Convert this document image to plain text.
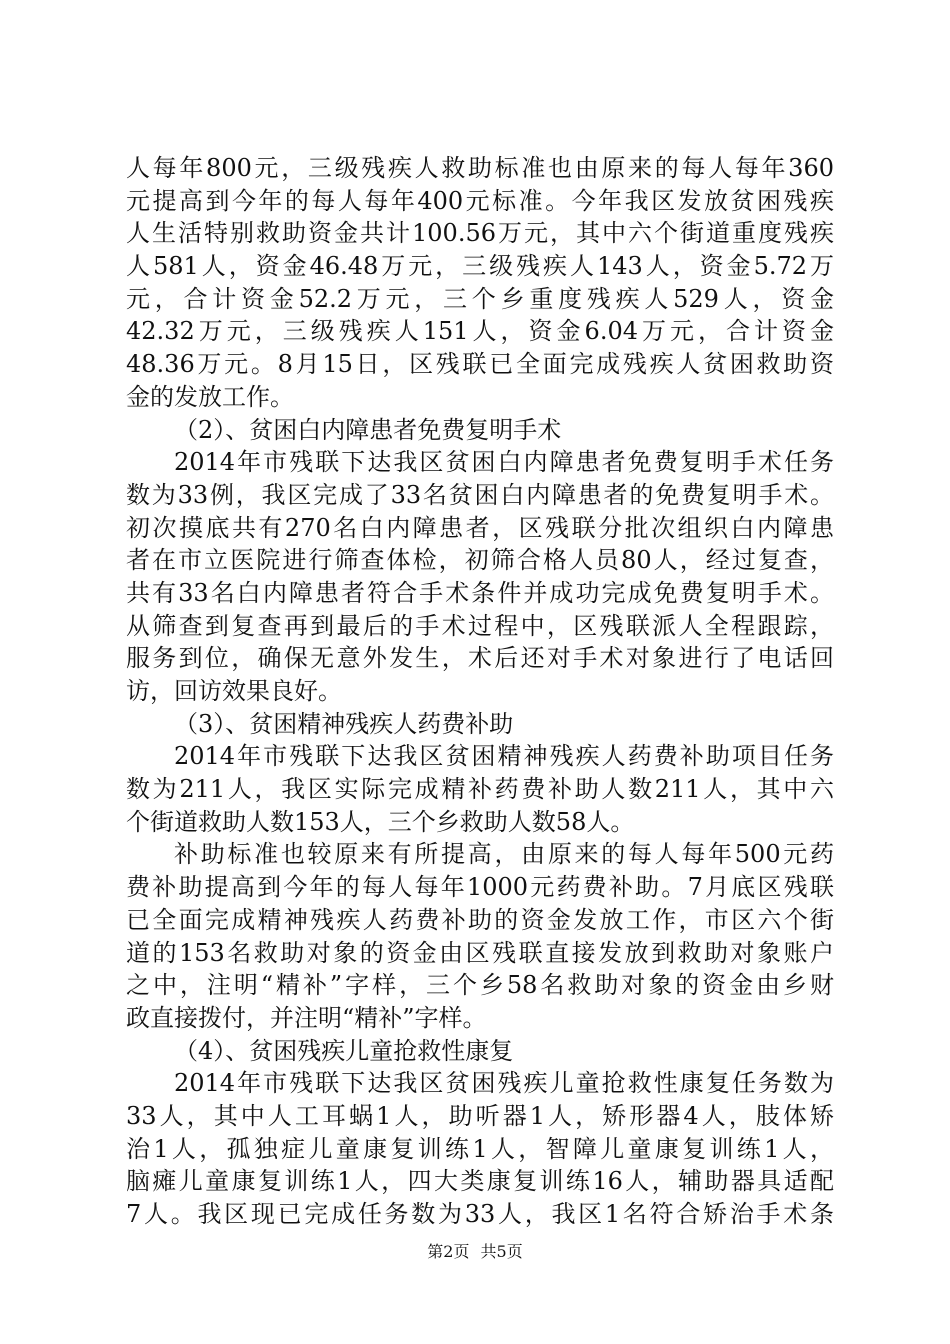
人每年800元，三级残疾人救助标准也由原来的每人每年360
元提高到今年的每人每年400元标准。今年我区发放贫困残疾
人生活特别救助资金共计100.56万元，其中六个街道重度残疾
人581人，资金46.48万元，三级残疾人143人，资金5.72万
元，合计资金52.2万元，三个乡重度残疾人529人，资金
42.32万元，三级残疾人151人，资金6.04万元，合计资金
48.36万元。8月15日，区残联已全面完成残疾人贫困救助资
金的发放工作。
（2）、贫困白内障患者免费复明手术
2014年市残联下达我区贫困白内障患者免费复明手术任务
数为33例，我区完成了33名贫困白内障患者的免费复明手术。
初次摸底共有270名白内障患者，区残联分批次组织白内障患
者在市立医院进行筛查体检，初筛合格人员80人，经过复查，
共有33名白内障患者符合手术条件并成功完成免费复明手术。
从筛查到复查再到最后的手术过程中，区残联派人全程跟踪，
服务到位，确保无意外发生，术后还对手术对象进行了电话回
访，回访效果良好。
（3）、贫困精神残疾人药费补助
2014年市残联下达我区贫困精神残疾人药费补助项目任务
数为211人，我区实际完成精补药费补助人数211人，其中六
个街道救助人数153人，三个乡救助人数58人。
补助标准也较原来有所提高，由原来的每人每年500元药
费补助提高到今年的每人每年1000元药费补助。7月底区残联
已全面完成精神残疾人药费补助的资金发放工作，市区六个街
道的153名救助对象的资金由区残联直接发放到救助对象账户
之中，注明“精补”字样，三个乡58名救助对象的资金由乡财
政直接拨付，并注明“精补”字样。
（4）、贫困残疾儿童抢救性康复
2014年市残联下达我区贫困残疾儿童抢救性康复任务数为
33人，其中人工耳蜗1人，助听器1人，矫形器4人，肢体矫
治1人，孤独症儿童康复训练1人，智障儿童康复训练1人，
脑瘫儿童康复训练1人，四大类康复训练16人，辅助器具适配
7人。我区现已完成任务数为33人，我区1名符合矫治手术条
第2页 共5页
